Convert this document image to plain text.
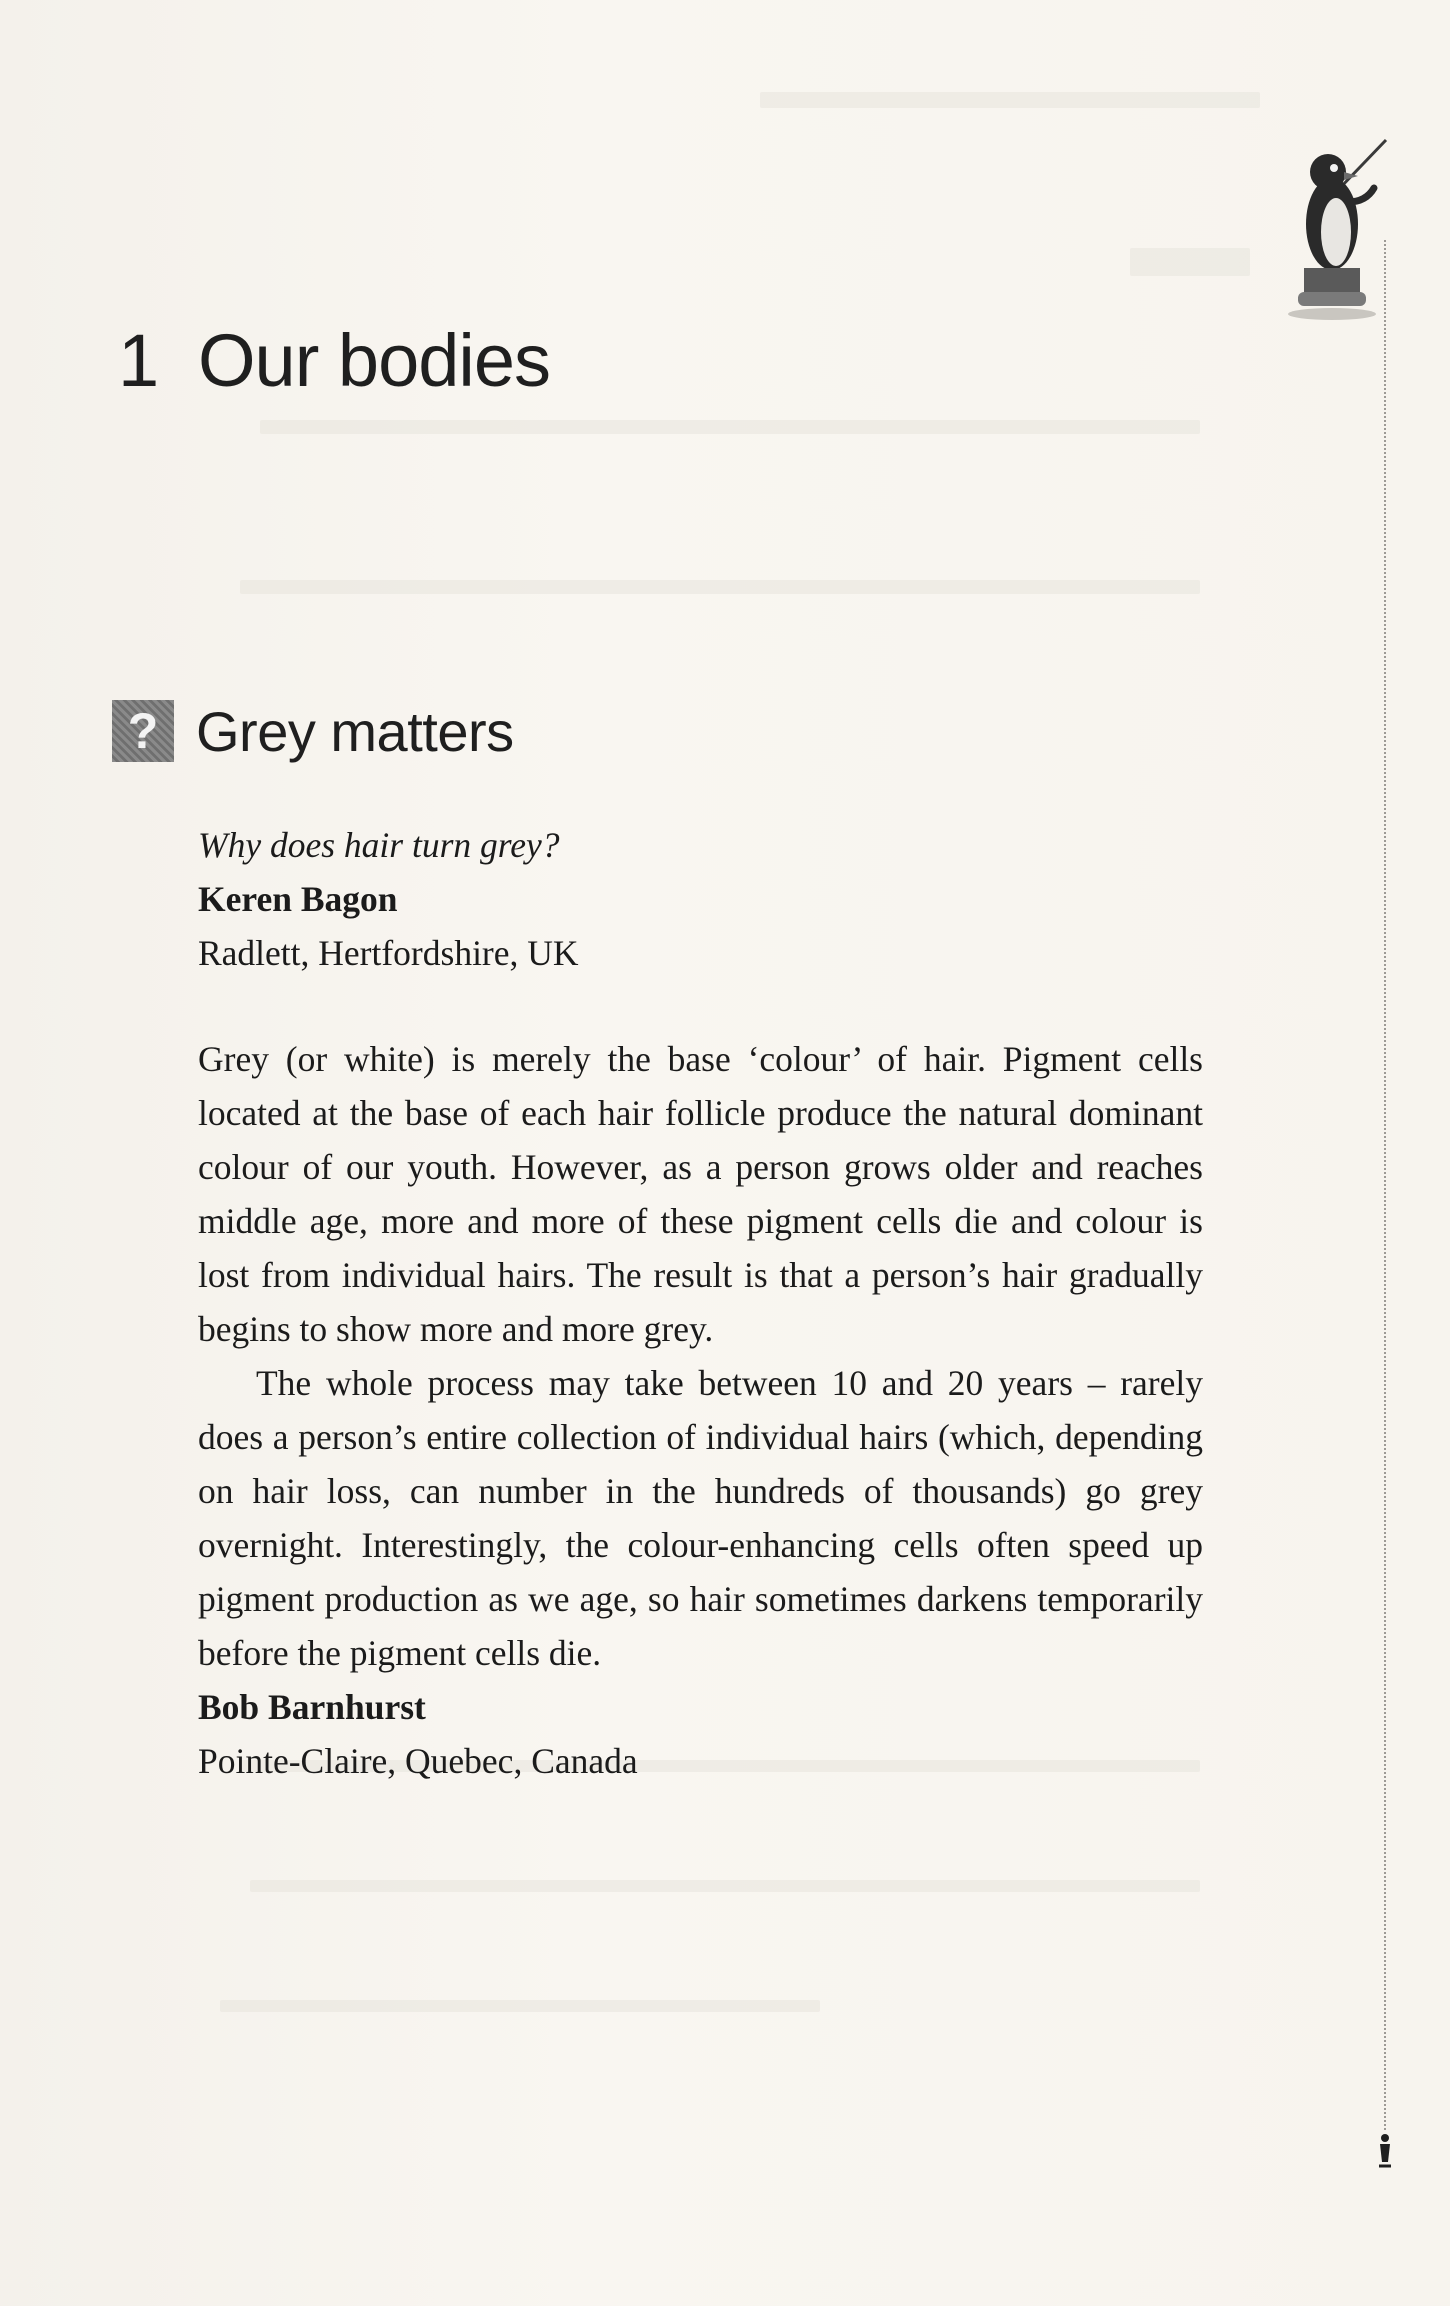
1 Our bodies
? Grey matters

Why does hair turn grey?

Keren Bagon

Radlett, Hertfordshire, UK

Grey (or white) is merely the base ‘colour’ of hair. Pigment cells located at the base of each hair follicle produce the natural dominant colour of our youth. However, as a person grows older and reaches middle age, more and more of these pigment cells die and colour is lost from individual hairs. The result is that a person’s hair gradually begins to show more and more grey.

The whole process may take between 10 and 20 years – rarely does a person’s entire collection of individual hairs (which, depending on hair loss, can number in the hundreds of thousands) go grey overnight. Interestingly, the colour-enhancing cells often speed up pigment production as we age, so hair sometimes darkens temporarily before the pigment cells die.

Bob Barnhurst

Pointe-Claire, Quebec, Canada
